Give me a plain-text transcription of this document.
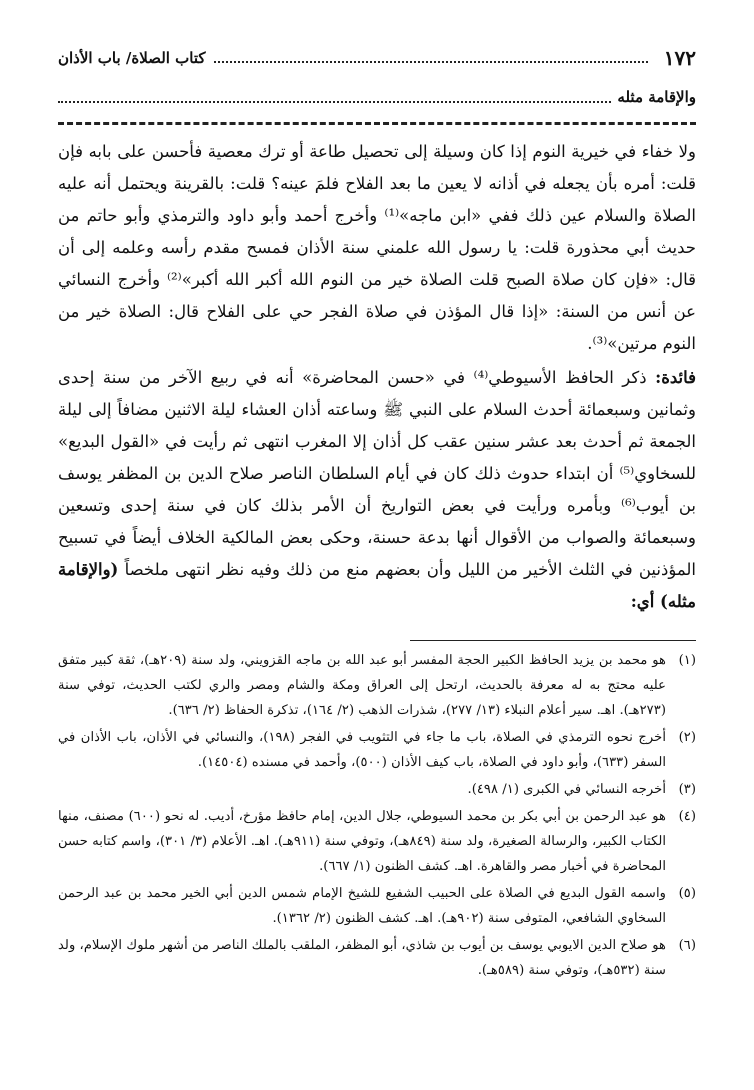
١٧٢
كتاب الصلاة/ باب الأذان
والإقامة مثله

ولا خفاء في خيرية النوم إذا كان وسيلة إلى تحصيل طاعة أو ترك معصية فأحسن على بابه فإن قلت: أمره بأن يجعله في أذانه لا يعين ما بعد الفلاح فلمَ عينه؟ قلت: بالقرينة ويحتمل أنه عليه الصلاة والسلام عين ذلك ففي «ابن ماجه»⁽¹⁾ وأخرج أحمد وأبو داود والترمذي وأبو حاتم من حديث أبي محذورة قلت: يا رسول الله علمني سنة الأذان فمسح مقدم رأسه وعلمه إلى أن قال: «فإن كان صلاة الصبح قلت الصلاة خير من النوم الله أكبر الله أكبر»⁽²⁾ وأخرج النسائي عن أنس من السنة: «إذا قال المؤذن في صلاة الفجر حي على الفلاح قال: الصلاة خير من النوم مرتين»⁽³⁾.

فائدة: ذكر الحافظ الأسيوطي⁽⁴⁾ في «حسن المحاضرة» أنه في ربيع الآخر من سنة إحدى وثمانين وسبعمائة أحدث السلام على النبي ﷺ وساعته أذان العشاء ليلة الاثنين مضافاً إلى ليلة الجمعة ثم أحدث بعد عشر سنين عقب كل أذان إلا المغرب انتهى ثم رأيت في «القول البديع» للسخاوي⁽⁵⁾ أن ابتداء حدوث ذلك كان في أيام السلطان الناصر صلاح الدين بن المظفر يوسف بن أيوب⁽⁶⁾ وبأمره ورأيت في بعض التواريخ أن الأمر بذلك كان في سنة إحدى وتسعين وسبعمائة والصواب من الأقوال أنها بدعة حسنة، وحكى بعض المالكية الخلاف أيضاً في تسبيح المؤذنين في الثلث الأخير من الليل وأن بعضهم منع من ذلك وفيه نظر انتهى ملخصاً (والإقامة مثله) أي:

(١)
هو محمد بن يزيد الحافظ الكبير الحجة المفسر أبو عبد الله بن ماجه القزويني، ولد سنة (٢٠٩هـ)، ثقة كبير متفق عليه محتج به له معرفة بالحديث، ارتحل إلى العراق ومكة والشام ومصر والري لكتب الحديث، توفي سنة (٢٧٣هـ). اهـ. سير أعلام النبلاء (١٣/ ٢٧٧)، شذرات الذهب (٢/ ١٦٤)، تذكرة الحفاظ (٢/ ٦٣٦).
(٢)
أخرج نحوه الترمذي في الصلاة، باب ما جاء في التثويب في الفجر (١٩٨)، والنسائي في الأذان، باب الأذان في السفر (٦٣٣)، وأبو داود في الصلاة، باب كيف الأذان (٥٠٠)، وأحمد في مسنده (١٤٥٠٤).
(٣)
أخرجه النسائي في الكبرى (١/ ٤٩٨).
(٤)
هو عبد الرحمن بن أبي بكر بن محمد السيوطي، جلال الدين، إمام حافظ مؤرخ، أديب. له نحو (٦٠٠) مصنف، منها الكتاب الكبير، والرسالة الصغيرة، ولد سنة (٨٤٩هـ)، وتوفي سنة (٩١١هـ). اهـ. الأعلام (٣/ ٣٠١)، واسم كتابه حسن المحاضرة في أخبار مصر والقاهرة. اهـ. كشف الظنون (١/ ٦٦٧).
(٥)
واسمه القول البديع في الصلاة على الحبيب الشفيع للشيخ الإمام شمس الدين أبي الخير محمد بن عبد الرحمن السخاوي الشافعي، المتوفى سنة (٩٠٢هـ). اهـ. كشف الظنون (٢/ ١٣٦٢).
(٦)
هو صلاح الدين الايوبي يوسف بن أيوب بن شاذي، أبو المظفر، الملقب بالملك الناصر من أشهر ملوك الإسلام، ولد سنة (٥٣٢هـ)، وتوفي سنة (٥٨٩هـ).
